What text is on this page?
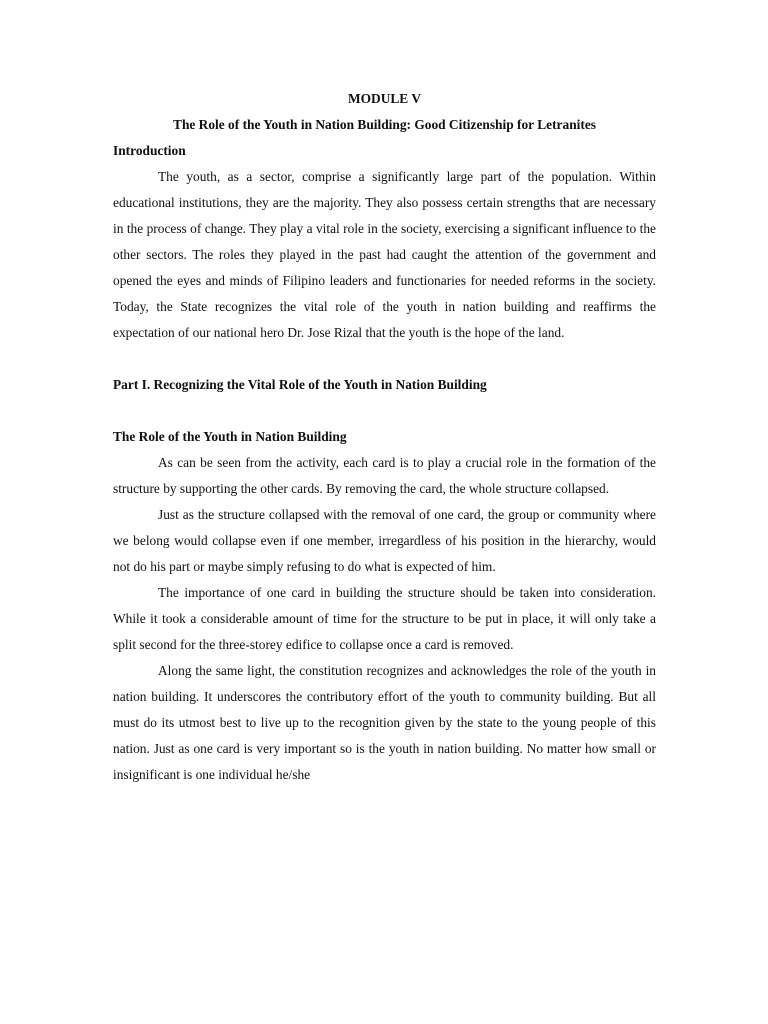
MODULE V

The Role of the Youth in Nation Building: Good Citizenship for Letranites

Introduction

The youth, as a sector, comprise a significantly large part of the population. Within educational institutions, they are the majority. They also possess certain strengths that are necessary in the process of change. They play a vital role in the society, exercising a significant influence to the other sectors. The roles they played in the past had caught the attention of the government and opened the eyes and minds of Filipino leaders and functionaries for needed reforms in the society. Today, the State recognizes the vital role of the youth in nation building and reaffirms the expectation of our national hero Dr. Jose Rizal that the youth is the hope of the land.

Part I. Recognizing the Vital Role of the Youth in Nation Building

The Role of the Youth in Nation Building

As can be seen from the activity, each card is to play a crucial role in the formation of the structure by supporting the other cards. By removing the card, the whole structure collapsed.

Just as the structure collapsed with the removal of one card, the group or community where we belong would collapse even if one member, irregardless of his position in the hierarchy, would not do his part or maybe simply refusing to do what is expected of him.

The importance of one card in building the structure should be taken into consideration. While it took a considerable amount of time for the structure to be put in place, it will only take a split second for the three-storey edifice to collapse once a card is removed.

Along the same light, the constitution recognizes and acknowledges the role of the youth in nation building. It underscores the contributory effort of the youth to community building. But all must do its utmost best to live up to the recognition given by the state to the young people of this nation. Just as one card is very important so is the youth in nation building. No matter how small or insignificant is one individual he/she
